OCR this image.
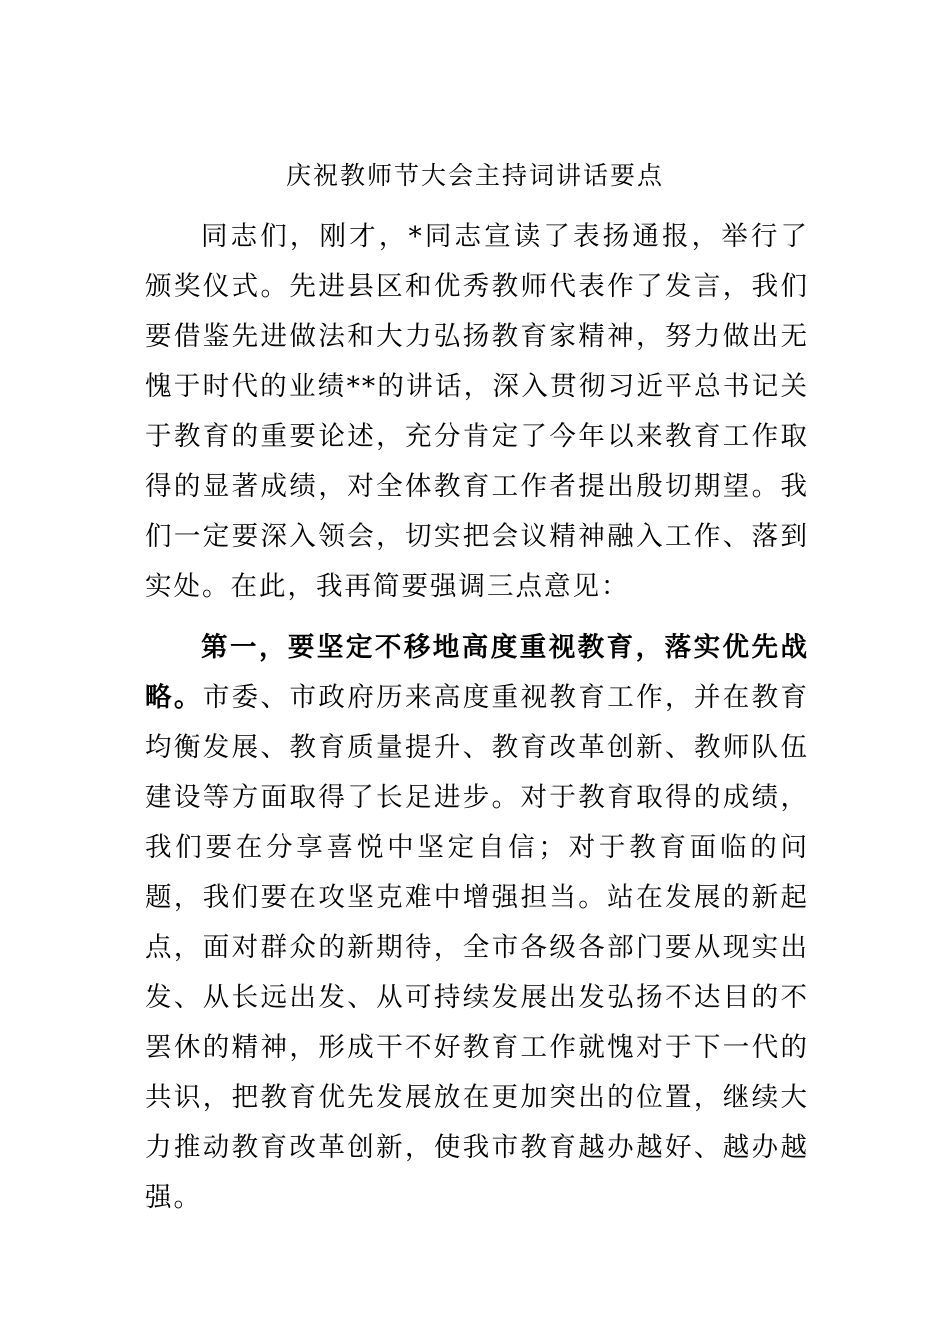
庆祝教师节大会主持词讲话要点

同志们，刚才，*同志宣读了表扬通报，举行了颁奖仪式。先进县区和优秀教师代表作了发言，我们要借鉴先进做法和大力弘扬教育家精神，努力做出无愧于时代的业绩**的讲话，深入贯彻习近平总书记关于教育的重要论述，充分肯定了今年以来教育工作取得的显著成绩，对全体教育工作者提出殷切期望。我们一定要深入领会，切实把会议精神融入工作、落到实处。在此，我再简要强调三点意见：

第一，要坚定不移地高度重视教育，落实优先战略。市委、市政府历来高度重视教育工作，并在教育均衡发展、教育质量提升、教育改革创新、教师队伍建设等方面取得了长足进步。对于教育取得的成绩，我们要在分享喜悦中坚定自信；对于教育面临的问题，我们要在攻坚克难中增强担当。站在发展的新起点，面对群众的新期待，全市各级各部门要从现实出发、从长远出发、从可持续发展出发弘扬不达目的不罢休的精神，形成干不好教育工作就愧对于下一代的共识，把教育优先发展放在更加突出的位置，继续大力推动教育改革创新，使我市教育越办越好、越办越强。
